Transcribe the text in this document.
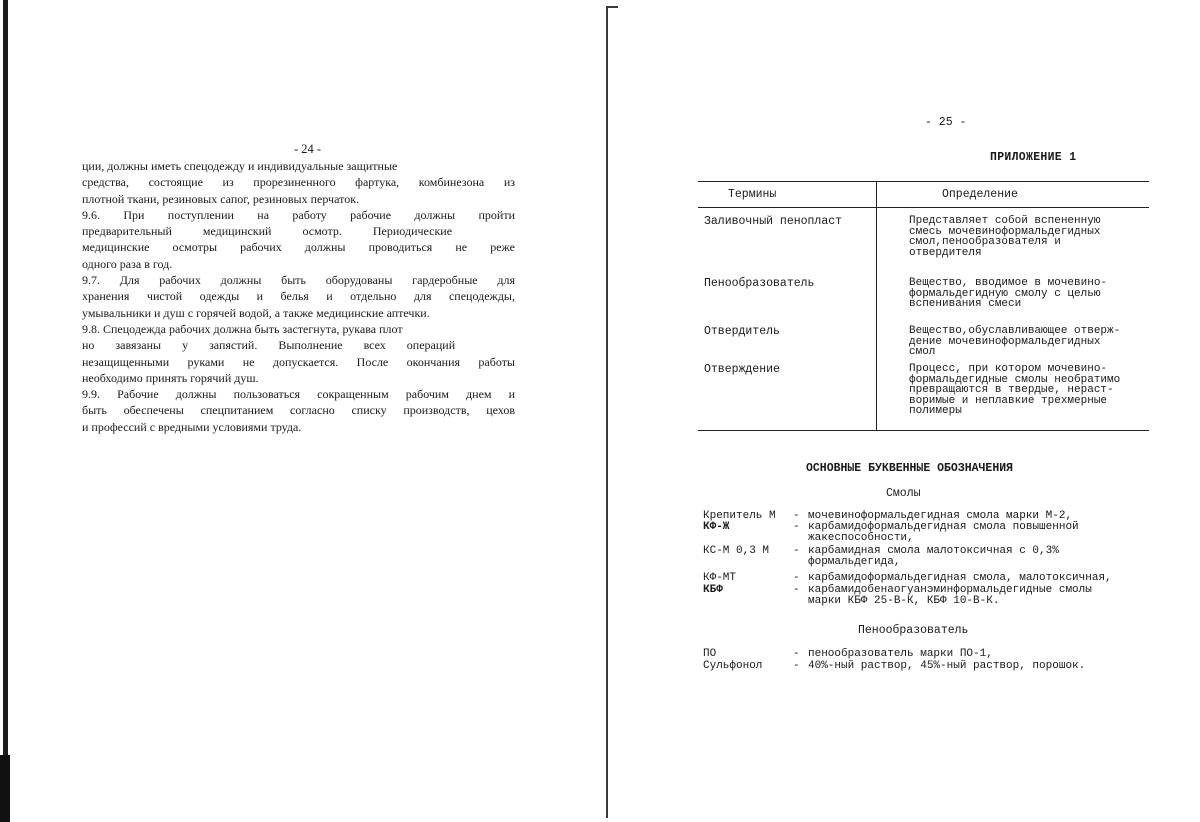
- 24 -
ции, должны иметь спецодежду и индивидуальные защитные
средства, состоящие из прорезиненного фартука, комбинезона из
плотной ткани, резиновых сапог, резиновых перчаток.
9.6. При поступлении на работу рабочие должны пройти
предварительный медицинский осмотр. Периодические
медицинские осмотры рабочих должны проводиться не реже
одного раза в год.
9.7. Для рабочих должны быть оборудованы гардеробные для
хранения чистой одежды и белья и отдельно для спецодежды,
умывальники и душ с горячей водой, а также медицинские аптечки.
9.8. Спецодежда рабочих должна быть застегнута, рукава плот
но завязаны у запястий. Выполнение всех операций
незащищенными руками не допускается. После окончания работы
необходимо принять горячий душ.
9.9. Рабочие должны пользоваться сокращенным рабочим днем и
быть обеспечены спецпитанием согласно списку производств, цехов
и профессий с вредными условиями труда.
- 25 -
ПРИЛОЖЕНИЕ 1
Термины	Определение
Заливочный пенопласт	Представляет собой вспененную
смесь мочевиноформальдегидных
смол,пенообразователя и
отвердителя
Пенообразователь	Вещество, вводимое в мочевино-
формальдегидную смолу с целью
вспенивания смеси
Отвердитель	Вещество,обуславливающее отверж-
дение мочевиноформальдегидных
смол
Отверждение	Процесс, при котором мочевино-
формальдегидные смолы необратимо
превращаются в твердые, нераст-
воримые и неплавкие трехмерные
полимеры
ОСНОВНЫЕ БУКВЕННЫЕ ОБОЗНАЧЕНИЯ
Смолы
Крепитель М - мочевиноформальдегидная смола марки М-2,
КФ-Ж	- карбамидоформальдегидная смола повышенной
жакеспособности,
КС-М 0,3 М - карбамидная смола малотоксичная с 0,3%
формальдегида,
КФ-МТ	- карбамидоформальдегидная смола, малотоксичная,
КБФ	- карбамидобенаогуанэминформальдегидные смолы
марки КБФ 25-В-К, КБФ 10-В-К.
Пенообразователь
ПО	- пенообразователь марки ПО-1,
Сульфонол	- 40%-ный раствор, 45%-ный раствор, порошок.
